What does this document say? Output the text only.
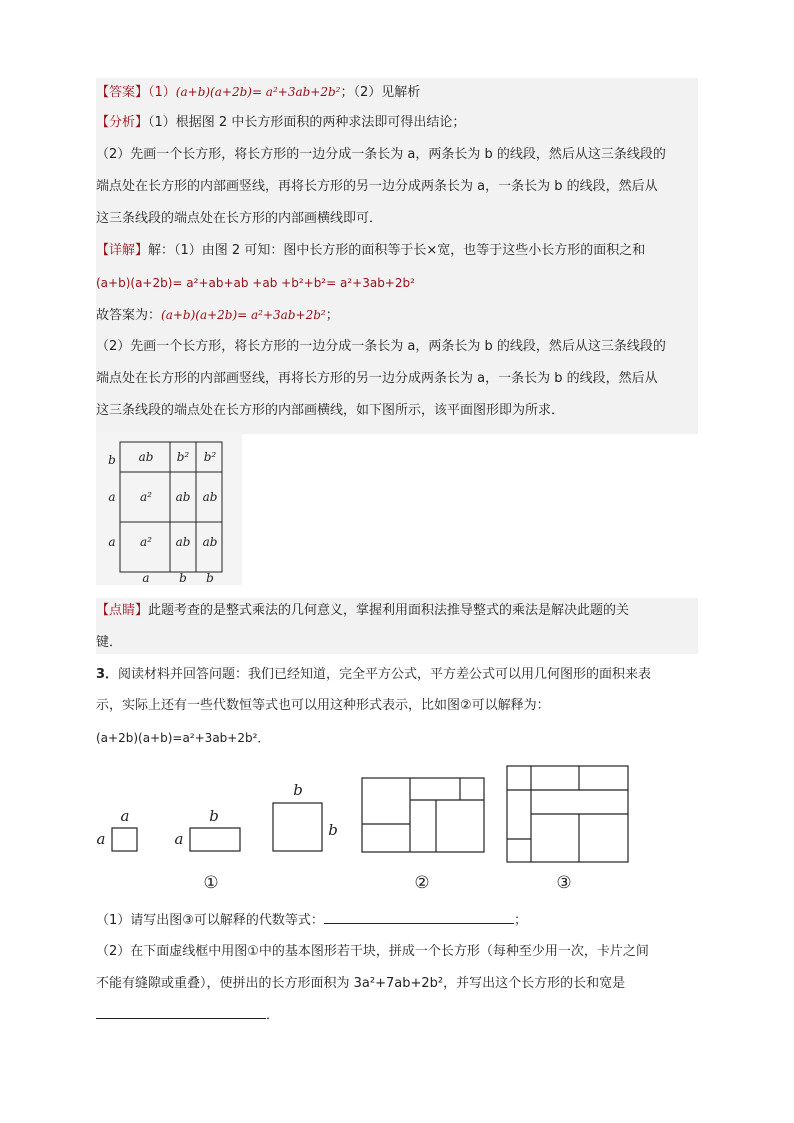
【答案】（1）(a+b)(a+2b)= a²+3ab+2b²；（2）见解析
【分析】（1）根据图 2 中长方形面积的两种求法即可得出结论；
（2）先画一个长方形，将长方形的一边分成一条长为 a，两条长为 b 的线段，然后从这三条线段的
端点处在长方形的内部画竖线，再将长方形的另一边分成两条长为 a，一条长为 b 的线段，然后从
这三条线段的端点处在长方形的内部画横线即可．
【详解】解：（1）由图 2 可知：图中长方形的面积等于长×宽，也等于这些小长方形的面积之和
(a+b)(a+2b)= a²+ab+ab +ab +b²+b²= a²+3ab+2b²
故答案为：(a+b)(a+2b)= a²+3ab+2b²；
（2）先画一个长方形，将长方形的一边分成一条长为 a，两条长为 b 的线段，然后从这三条线段的
端点处在长方形的内部画竖线，再将长方形的另一边分成两条长为 a，一条长为 b 的线段，然后从
这三条线段的端点处在长方形的内部画横线，如下图所示，该平面图形即为所求．
b
a
a
a b b
ab b² b²
a² ab ab
a² ab ab
【点睛】此题考查的是整式乘法的几何意义，掌握利用面积法推导整式的乘法是解决此题的关
键．
3．阅读材料并回答问题：我们已经知道，完全平方公式，平方差公式可以用几何图形的面积来表
示，实际上还有一些代数恒等式也可以用这种形式表示，比如图②可以解释为：
(a+2b)(a+b)=a²+3ab+2b²．
a
a
b
a
b
b
①	②	③
（1）请写出图③可以解释的代数等式：	；
（2）在下面虚线框中用图①中的基本图形若干块，拼成一个长方形（每种至少用一次，卡片之间
不能有缝隙或重叠），使拼出的长方形面积为 3a²+7ab+2b²，并写出这个长方形的长和宽是
．
